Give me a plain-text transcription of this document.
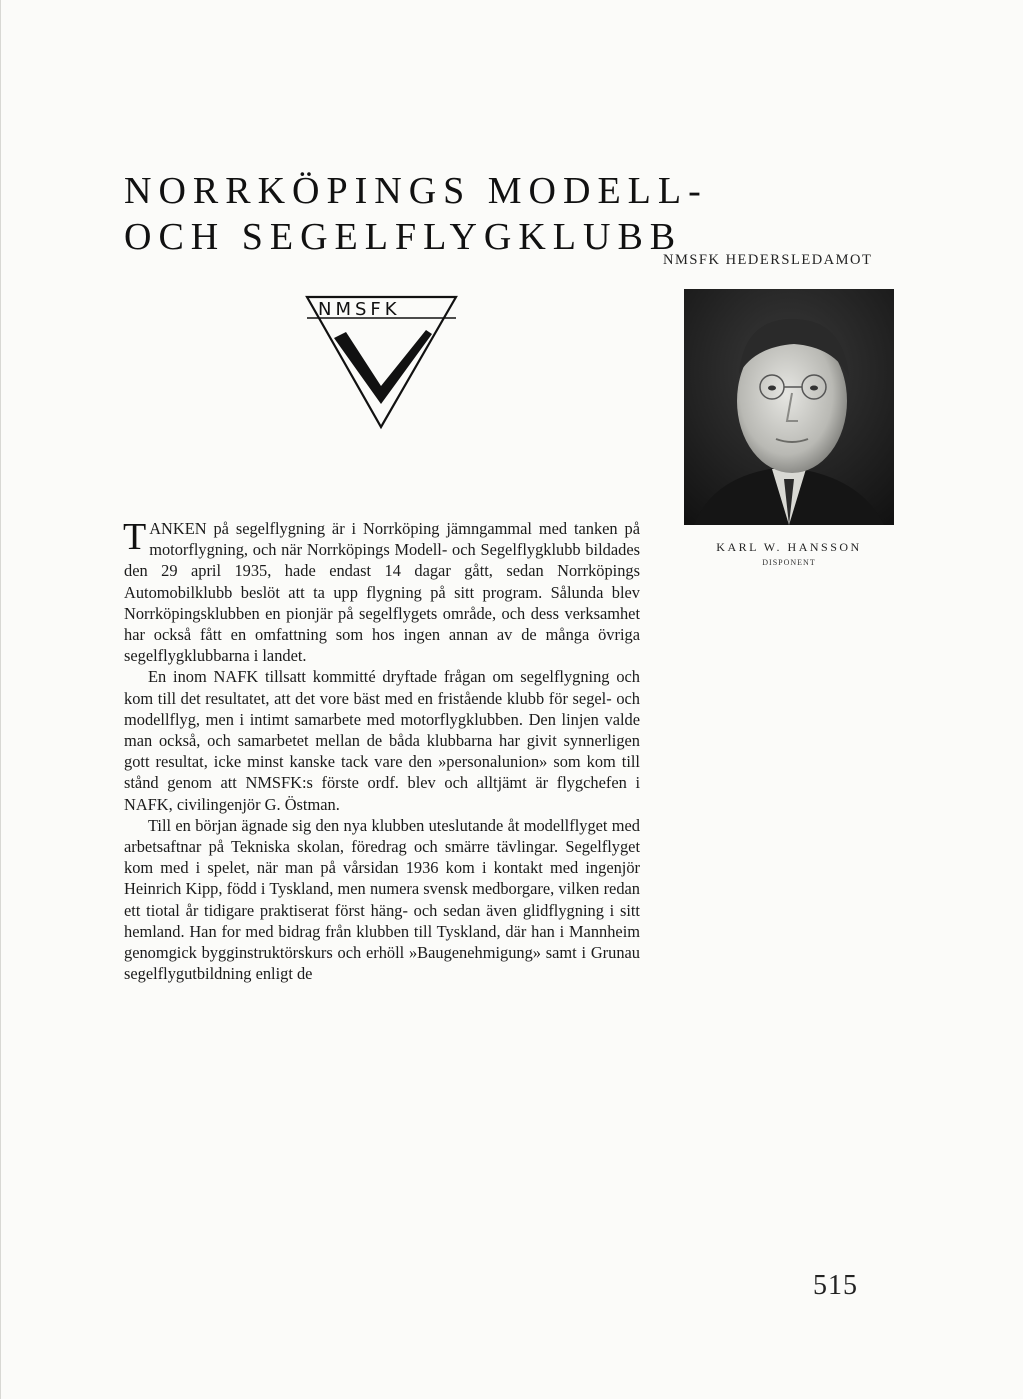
NORRKÖPINGS MODELL-
OCH SEGELFLYGKLUBB
NMSFK HEDERSLEDAMOT
NMSFK
KARL W. HANSSON
DISPONENT

TANKEN på segelflygning är i Norrköping jämngammal med tanken på motorflygning, och när Norrköpings Modell- och Segelflygklubb bildades den 29 april 1935, hade endast 14 dagar gått, sedan Norrköpings Automobilklubb beslöt att ta upp flygning på sitt program. Sålunda blev Norrköpingsklubben en pionjär på segelflygets område, och dess verksamhet har också fått en omfattning som hos ingen annan av de många övriga segelflygklubbarna i landet.

En inom NAFK tillsatt kommitté dryftade frågan om segelflygning och kom till det resultatet, att det vore bäst med en fristående klubb för segel- och modellflyg, men i intimt samarbete med motorflygklubben. Den linjen valde man också, och samarbetet mellan de båda klubbarna har givit synnerligen gott resultat, icke minst kanske tack vare den »personalunion» som kom till stånd genom att NMSFK:s förste ordf. blev och alltjämt är flygchefen i NAFK, civilingenjör G. Östman.

Till en början ägnade sig den nya klubben uteslutande åt modellflyget med arbetsaftnar på Tekniska skolan, föredrag och smärre tävlingar. Segelflyget kom med i spelet, när man på vårsidan 1936 kom i kontakt med ingenjör Heinrich Kipp, född i Tyskland, men numera svensk medborgare, vilken redan ett tiotal år tidigare praktiserat först häng- och sedan även glidflygning i sitt hemland. Han for med bidrag från klubben till Tyskland, där han i Mannheim genomgick bygginstruktörskurs och erhöll »Baugenehmigung» samt i Grunau segelflygutbildning enligt de

515
